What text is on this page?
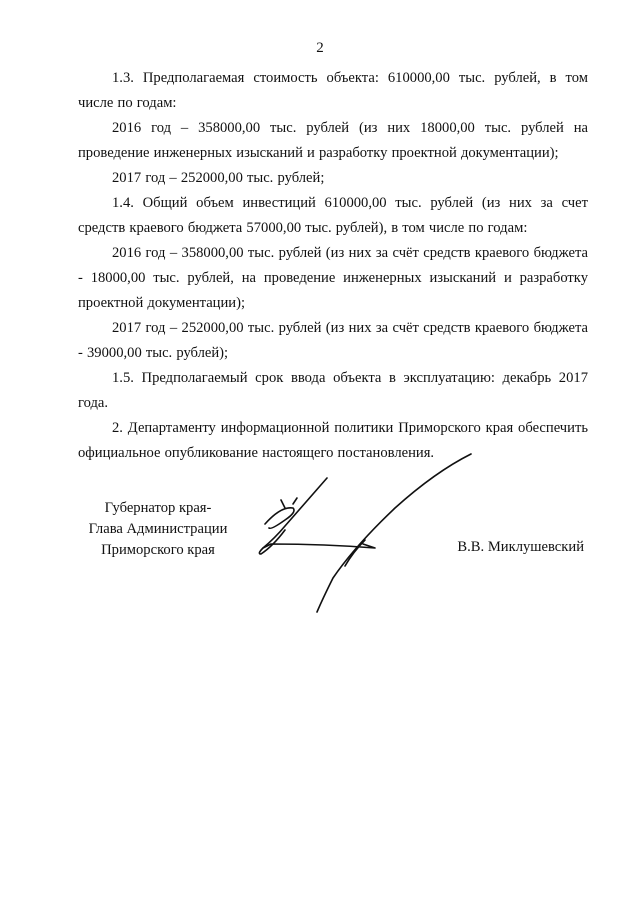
2

1.3. Предполагаемая стоимость объекта: 610000,00 тыс. рублей, в том числе по годам:

2016 год – 358000,00 тыс. рублей (из них 18000,00 тыс. рублей на проведение инженерных изысканий и разработку проектной документации);

2017 год – 252000,00 тыс. рублей;

1.4. Общий объем инвестиций 610000,00 тыс. рублей (из них за счет средств краевого бюджета 57000,00 тыс. рублей), в том числе по годам:

2016 год – 358000,00 тыс. рублей (из них за счёт средств краевого бюджета - 18000,00 тыс. рублей, на проведение инженерных изысканий и разработку проектной документации);

2017 год – 252000,00 тыс. рублей (из них за счёт средств краевого бюджета - 39000,00 тыс. рублей);

1.5. Предполагаемый срок ввода объекта в эксплуатацию: декабрь 2017 года.

2. Департаменту информационной политики Приморского края обеспечить официальное опубликование настоящего постановления.

Губернатор края-
Глава Администрации
Приморского края	В.В. Миклушевский
